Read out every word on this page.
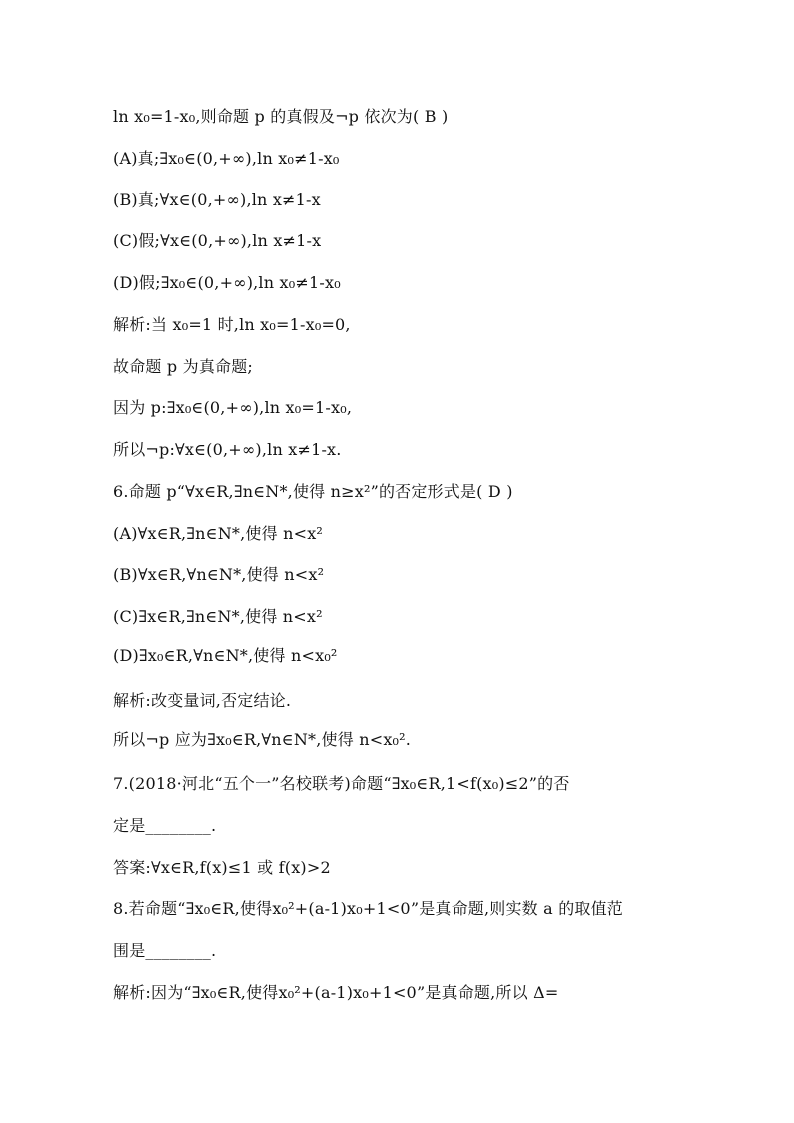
ln x₀=1-x₀,则命题 p 的真假及¬p 依次为( B )
(A)真;∃x₀∈(0,+∞),ln x₀≠1-x₀
(B)真;∀x∈(0,+∞),ln x≠1-x
(C)假;∀x∈(0,+∞),ln x≠1-x
(D)假;∃x₀∈(0,+∞),ln x₀≠1-x₀
解析:当 x₀=1 时,ln x₀=1-x₀=0,
故命题 p 为真命题;
因为 p:∃x₀∈(0,+∞),ln x₀=1-x₀,
所以¬p:∀x∈(0,+∞),ln x≠1-x.
6.命题 p“∀x∈R,∃n∈N*,使得 n≥x²”的否定形式是( D )
(A)∀x∈R,∃n∈N*,使得 n<x²
(B)∀x∈R,∀n∈N*,使得 n<x²
(C)∃x∈R,∃n∈N*,使得 n<x²
(D)∃x₀∈R,∀n∈N*,使得 n<x₀²
解析:改变量词,否定结论.
所以¬p 应为∃x₀∈R,∀n∈N*,使得 n<x₀².
7.(2018·河北“五个一”名校联考)命题“∃x₀∈R,1<f(x₀)≤2”的否
定是________.
答案:∀x∈R,f(x)≤1 或 f(x)>2
8.若命题“∃x₀∈R,使得x₀²+(a-1)x₀+1<0”是真命题,则实数 a 的取值范
围是________.
解析:因为“∃x₀∈R,使得x₀²+(a-1)x₀+1<0”是真命题,所以 Δ=
